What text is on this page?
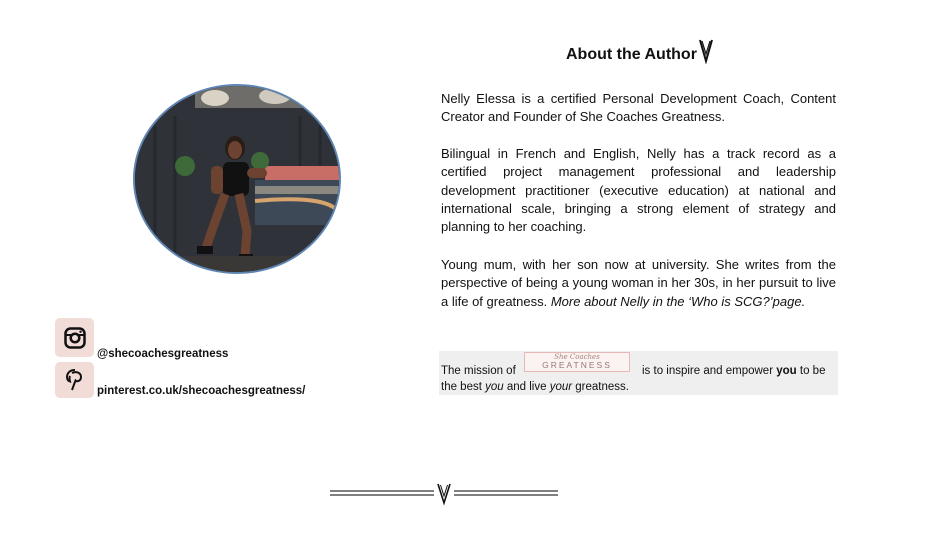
About the Author

Nelly Elessa is a certified Personal Development Coach, Content Creator and Founder of She Coaches Greatness.

Bilingual in French and English, Nelly has a track record as a certified project management professional and leadership development practitioner (executive education) at national and international scale, bringing a strong element of strategy and planning to her coaching.

Young mum, with her son now at university. She writes from the perspective of being a young woman in her 30s, in her pursuit to live a life of greatness. More about Nelly in the ‘Who is SCG?’page.

@shecoachesgreatness
pinterest.co.uk/shecoachesgreatness/
The mission of
She Coaches
GREATNESS	is to inspire and empower you to be
the best you and live your greatness.
